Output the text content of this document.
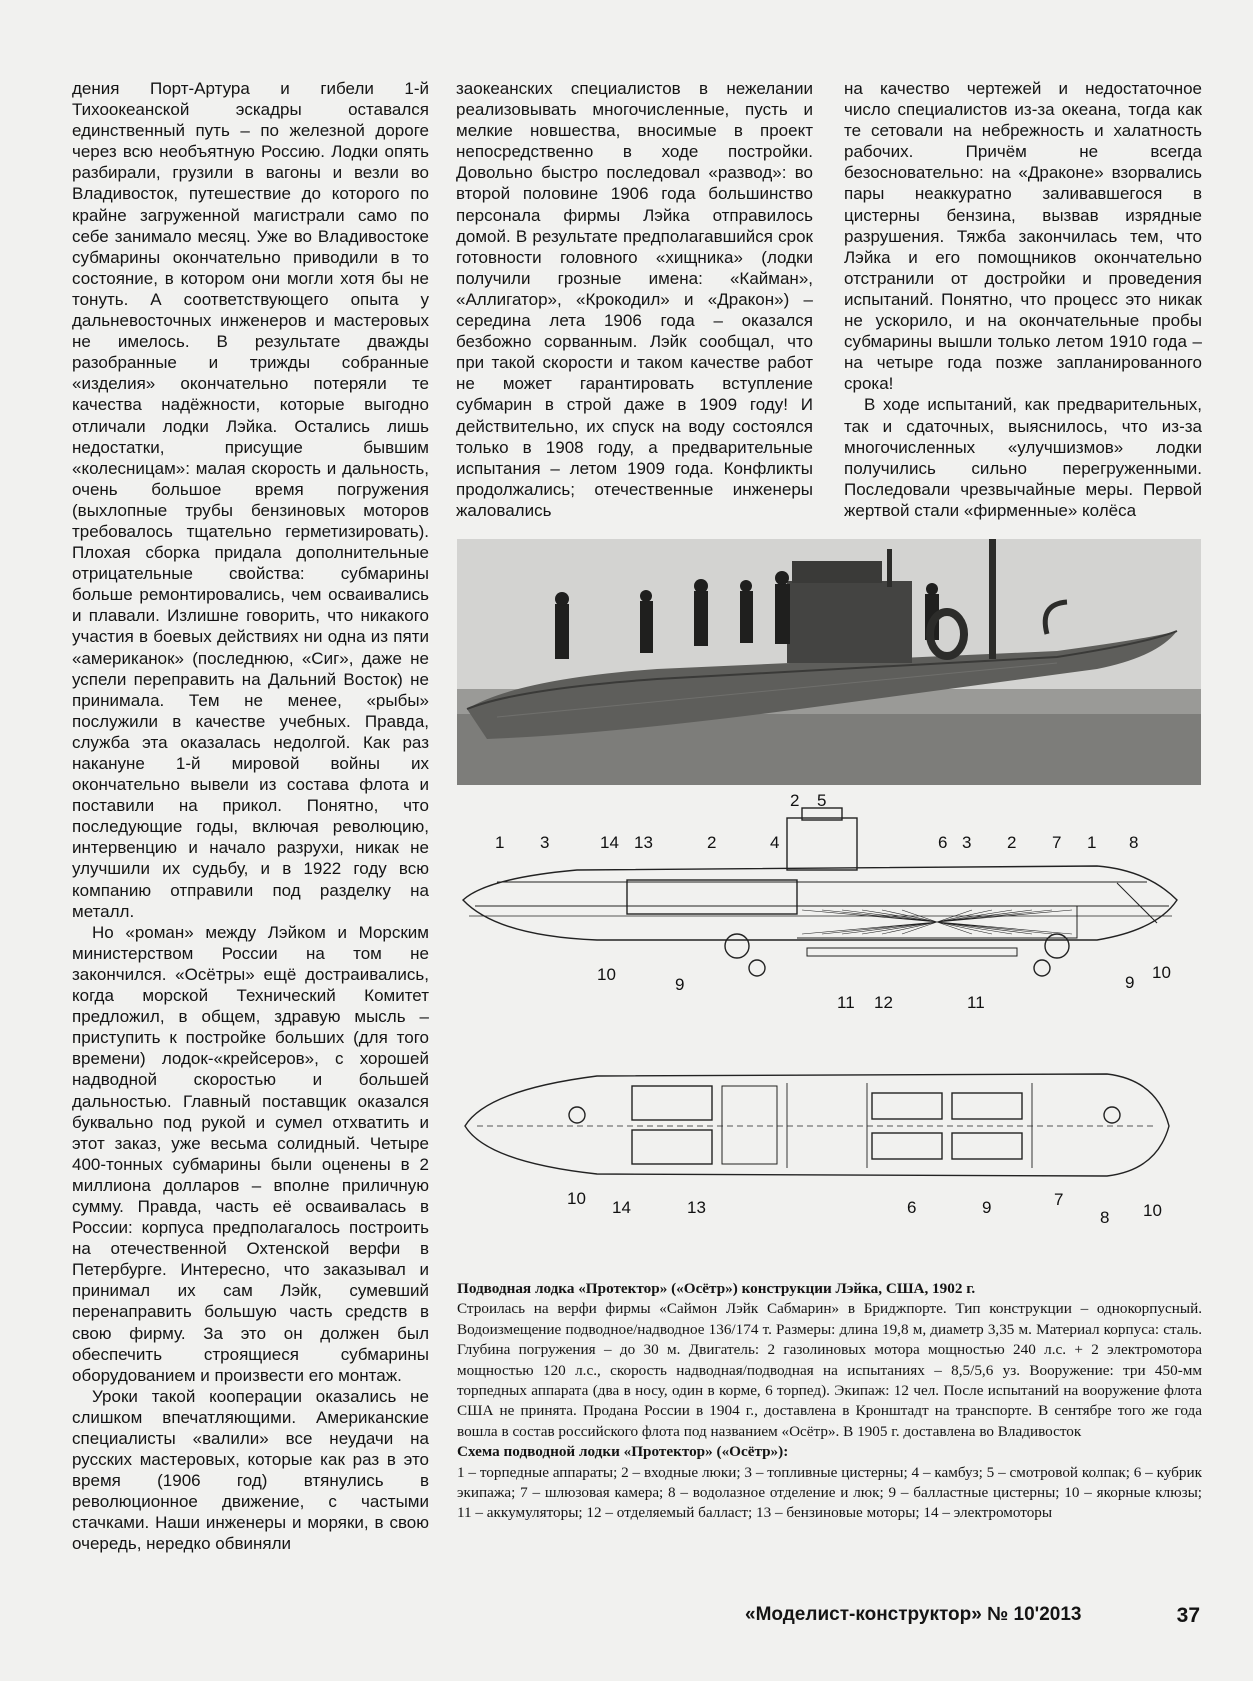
дения Порт-Артура и гибели 1-й Тихоокеанской эскадры оставался единственный путь – по железной дороге через всю необъятную Россию. Лодки опять разбирали, грузили в вагоны и везли во Владивосток, путешествие до которого по крайне загруженной магистрали само по себе занимало месяц. Уже во Владивостоке субмарины окончательно приводили в то состояние, в котором они могли хотя бы не тонуть. А соответствующего опыта у дальневосточных инженеров и мастеровых не имелось. В результате дважды разобранные и трижды собранные «изделия» окончательно потеряли те качества надёжности, которые выгодно отличали лодки Лэйка. Остались лишь недостатки, присущие бывшим «колесницам»: малая скорость и дальность, очень большое время погружения (выхлопные трубы бензиновых моторов требовалось тщательно герметизировать). Плохая сборка придала дополнительные отрицательные свойства: субмарины больше ремонтировались, чем осваивались и плавали. Излишне говорить, что никакого участия в боевых действиях ни одна из пяти «американок» (последнюю, «Сиг», даже не успели переправить на Дальний Восток) не принимала. Тем не менее, «рыбы» послужили в качестве учебных. Правда, служба эта оказалась недолгой. Как раз накануне 1-й мировой войны их окончательно вывели из состава флота и поставили на прикол. Понятно, что последующие годы, включая революцию, интервенцию и начало разрухи, никак не улучшили их судьбу, и в 1922 году всю компанию отправили под разделку на металл.

Но «роман» между Лэйком и Морским министерством России на том не закончился. «Осётры» ещё достраивались, когда морской Технический Комитет предложил, в общем, здравую мысль – приступить к постройке больших (для того времени) лодок-«крейсеров», с хорошей надводной скоростью и большей дальностью. Главный поставщик оказался буквально под рукой и сумел отхватить и этот заказ, уже весьма солидный. Четыре 400-тонных субмарины были оценены в 2 миллиона долларов – вполне приличную сумму. Правда, часть её осваивалась в России: корпуса предполагалось построить на отечественной Охтенской верфи в Петербурге. Интересно, что заказывал и принимал их сам Лэйк, сумевший перенаправить большую часть средств в свою фирму. За это он должен был обеспечить строящиеся субмарины оборудованием и произвести его монтаж.

Уроки такой кооперации оказались не слишком впечатляющими. Американские специалисты «валили» все неудачи на русских мастеровых, которые как раз в это время (1906 год) втянулись в революционное движение, с частыми стачками. Наши инженеры и моряки, в свою очередь, нередко обвиняли

заокеанских специалистов в нежелании реализовывать многочисленные, пусть и мелкие новшества, вносимые в проект непосредственно в ходе постройки. Довольно быстро последовал «развод»: во второй половине 1906 года большинство персонала фирмы Лэйка отправилось домой. В результате предполагавшийся срок готовности головного «хищника» (лодки получили грозные имена: «Кайман», «Аллигатор», «Крокодил» и «Дракон») – середина лета 1906 года – оказался безбожно сорванным. Лэйк сообщал, что при такой скорости и таком качестве работ не может гарантировать вступление субмарин в строй даже в 1909 году! И действительно, их спуск на воду состоялся только в 1908 году, а предварительные испытания – летом 1909 года. Конфликты продолжались; отечественные инженеры жаловались

на качество чертежей и недостаточное число специалистов из-за океана, тогда как те сетовали на небрежность и халатность рабочих. Причём не всегда безосновательно: на «Драконе» взорвались пары неаккуратно заливавшегося в цистерны бензина, вызвав изрядные разрушения. Тяжба закончилась тем, что Лэйка и его помощников окончательно отстранили от достройки и проведения испытаний. Понятно, что процесс это никак не ускорило, и на окончательные пробы субмарины вышли только летом 1910 года – на четыре года позже запланированного срока!

В ходе испытаний, как предварительных, так и сдаточных, выяснилось, что из-за многочисленных «улучшизмов» лодки получились сильно перегруженными. Последовали чрезвычайные меры. Первой жертвой стали «фирменные» колёса

2 5
1 3	14 13	2	4	6 3 2 7 1 8
10
9
11 12	11
9
10
10 14	13	6	9	7
8 10

Подводная лодка «Протектор» («Осётр») конструкции Лэйка, США, 1902 г.

Строилась на верфи фирмы «Саймон Лэйк Сабмарин» в Бриджпорте. Тип конструкции – однокорпусный. Водоизмещение подводное/надводное 136/174 т. Размеры: длина 19,8 м, диаметр 3,35 м. Материал корпуса: сталь. Глубина погружения – до 30 м. Двигатель: 2 газолиновых мотора мощностью 240 л.с. + 2 электромотора мощностью 120 л.с., скорость надводная/подводная на испытаниях – 8,5/5,6 уз. Вооружение: три 450-мм торпедных аппарата (два в носу, один в корме, 6 торпед). Экипаж: 12 чел. После испытаний на вооружение флота США не принята. Продана России в 1904 г., доставлена в Кронштадт на транспорте. В сентябре того же года вошла в состав российского флота под названием «Осётр». В 1905 г. доставлена во Владивосток

Схема подводной лодки «Протектор» («Осётр»):

1 – торпедные аппараты; 2 – входные люки; 3 – топливные цистерны; 4 – камбуз; 5 – смотровой колпак; 6 – кубрик экипажа; 7 – шлюзовая камера; 8 – водолазное отделение и люк; 9 – балластные цистерны; 10 – якорные клюзы; 11 – аккумуляторы; 12 – отделяемый балласт; 13 – бензиновые моторы; 14 – электромоторы

«Моделист-конструктор» № 10'2013	37
